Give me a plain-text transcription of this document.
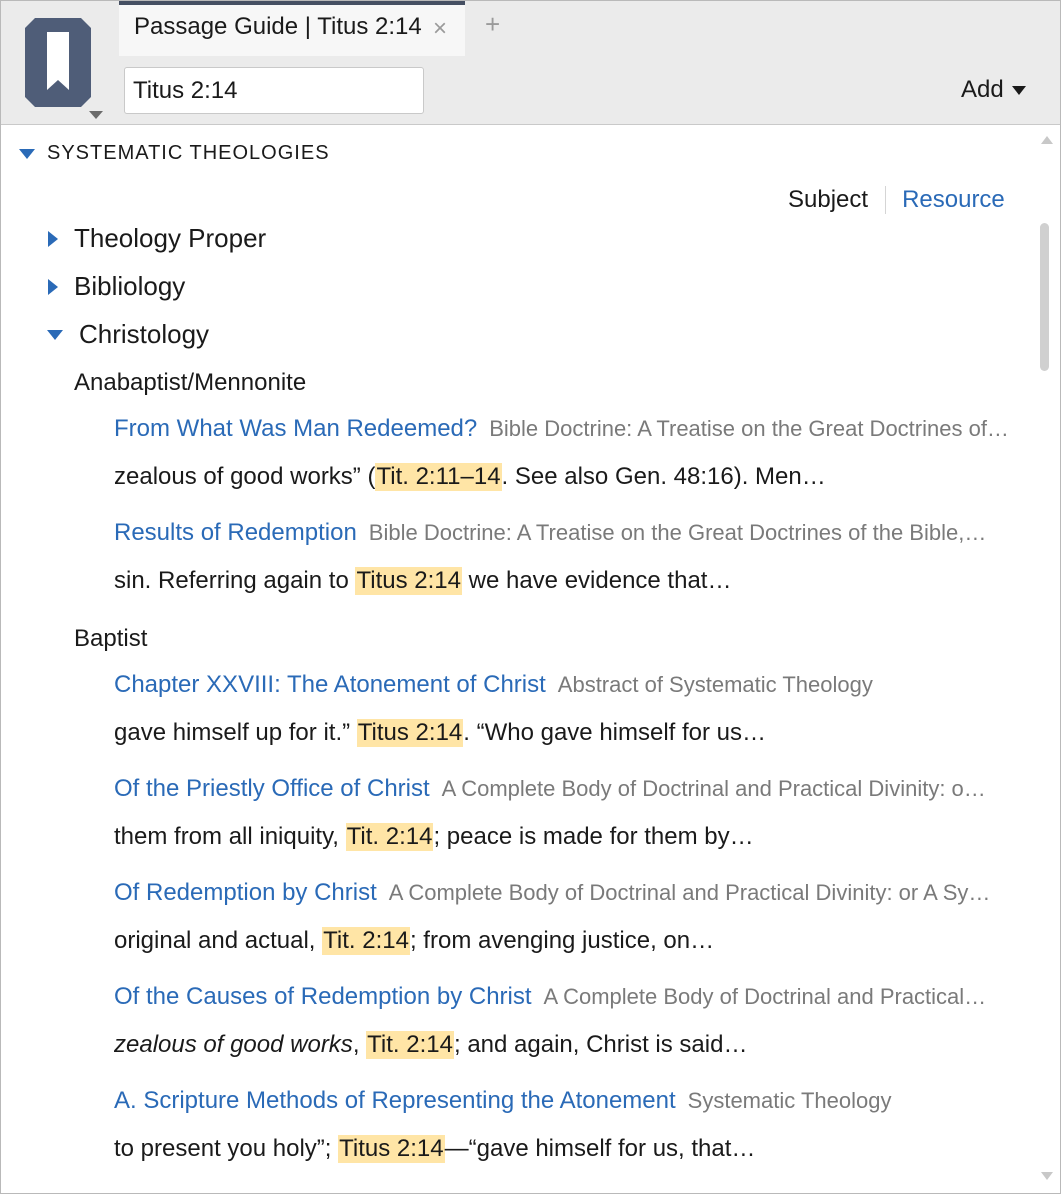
Passage Guide | Titus 2:14 × +
Titus 2:14
Add
SYSTEMATIC THEOLOGIES
Subject Resource
Theology Proper
Bibliology
Christology
Anabaptist/Mennonite
From What Was Man Redeemed? Bible Doctrine: A Treatise on the Great Doctrines of…
zealous of good works” (Tit. 2:11–14. See also Gen. 48:16). Men…
Results of Redemption Bible Doctrine: A Treatise on the Great Doctrines of the Bible,…
sin. Referring again to Titus 2:14 we have evidence that…
Baptist
Chapter XXVIII: The Atonement of Christ Abstract of Systematic Theology
gave himself up for it.” Titus 2:14. “Who gave himself for us…
Of the Priestly Office of Christ A Complete Body of Doctrinal and Practical Divinity: o…
them from all iniquity, Tit. 2:14; peace is made for them by…
Of Redemption by Christ A Complete Body of Doctrinal and Practical Divinity: or A Sy…
original and actual, Tit. 2:14; from avenging justice, on…
Of the Causes of Redemption by Christ A Complete Body of Doctrinal and Practical…
zealous of good works, Tit. 2:14; and again, Christ is said…
A. Scripture Methods of Representing the Atonement Systematic Theology
to present you holy”; Titus 2:14—“gave himself for us, that…
